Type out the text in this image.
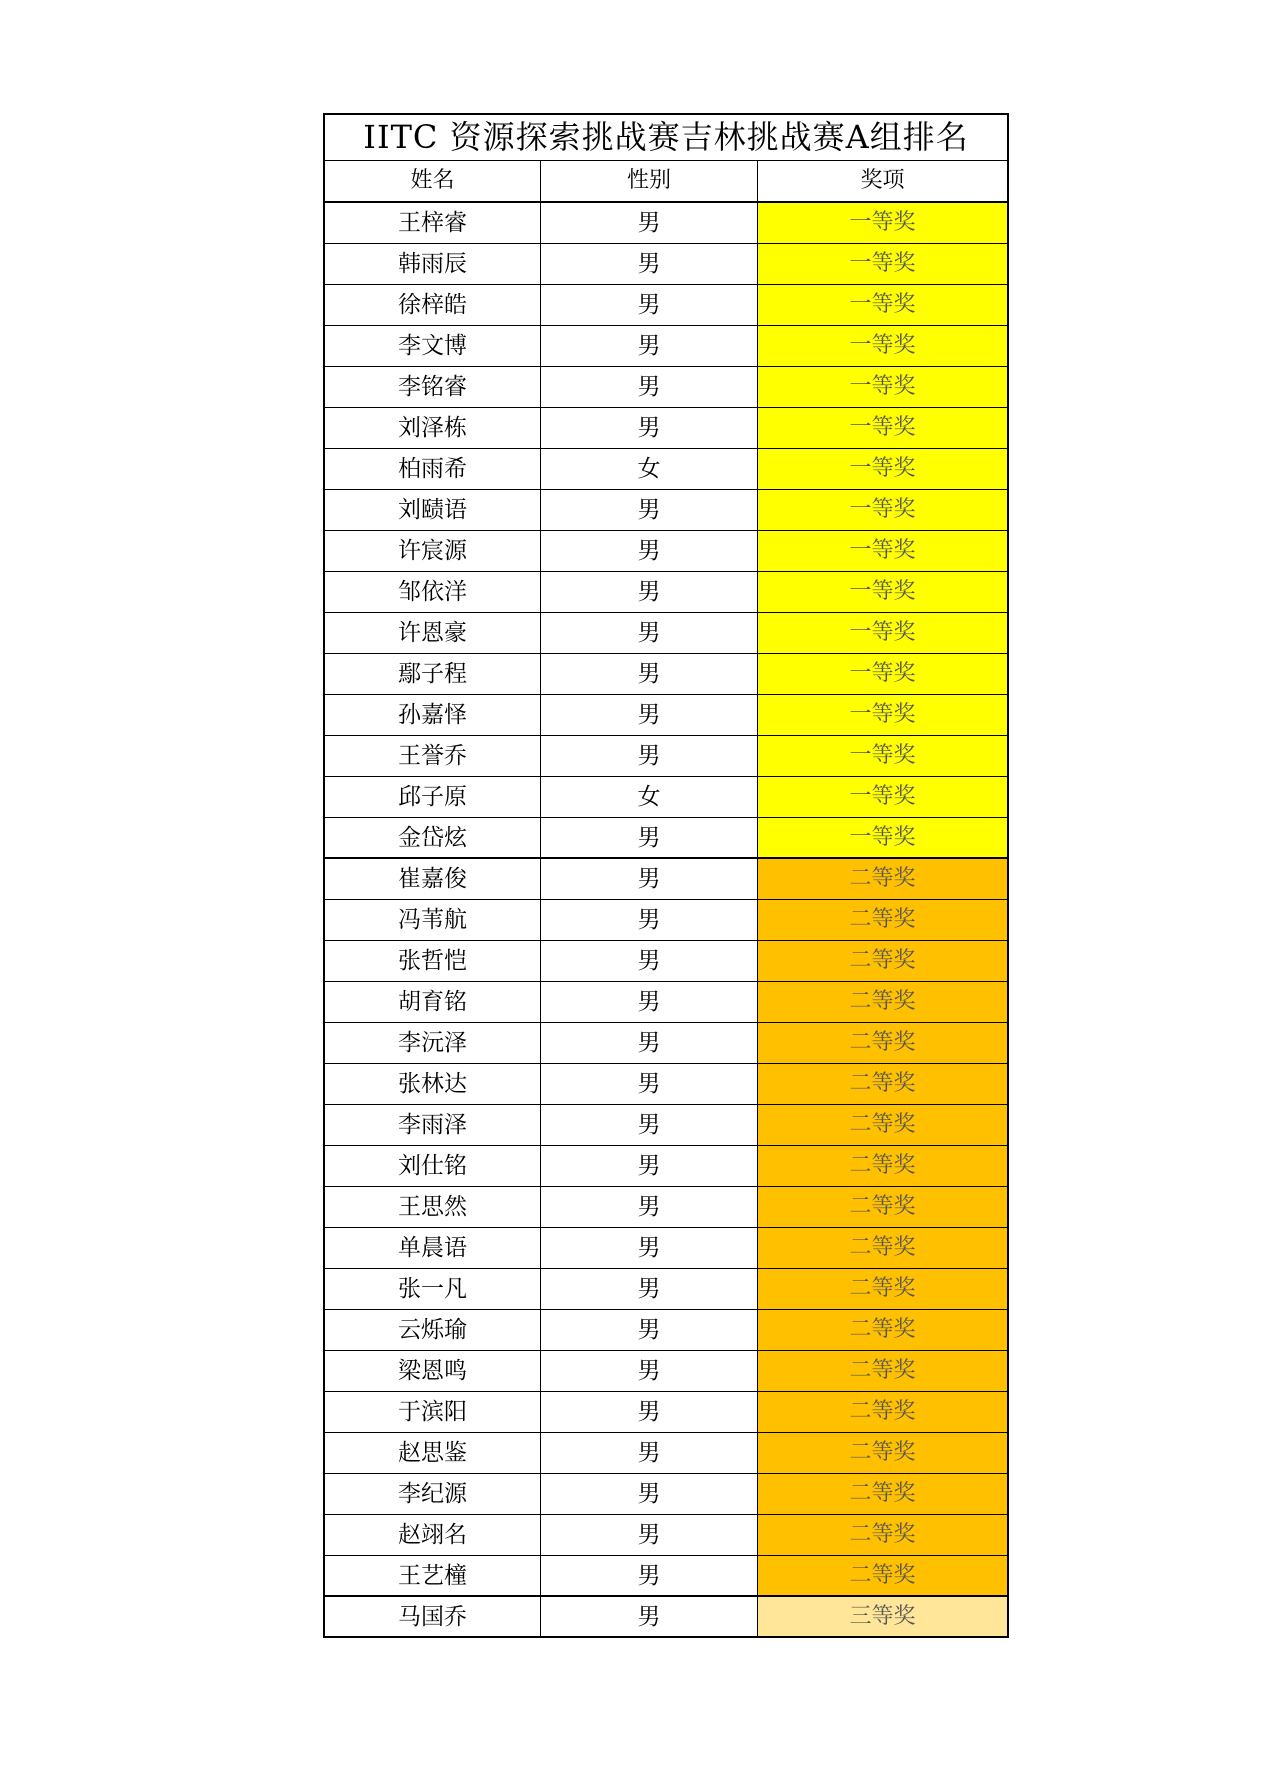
IITC 资源探索挑战赛吉林挑战赛A组排名
姓名	性别	奖项
王梓睿	男	一等奖
韩雨辰	男	一等奖
徐梓皓	男	一等奖
李文博	男	一等奖
李铭睿	男	一等奖
刘泽栋	男	一等奖
柏雨希	女	一等奖
刘赜语	男	一等奖
许宸源	男	一等奖
邹依洋	男	一等奖
许恩豪	男	一等奖
鄢子程	男	一等奖
孙嘉怿	男	一等奖
王誉乔	男	一等奖
邱子原	女	一等奖
金岱炫	男	一等奖
崔嘉俊	男	二等奖
冯苇航	男	二等奖
张哲恺	男	二等奖
胡育铭	男	二等奖
李沅泽	男	二等奖
张林达	男	二等奖
李雨泽	男	二等奖
刘仕铭	男	二等奖
王思然	男	二等奖
单晨语	男	二等奖
张一凡	男	二等奖
云烁瑜	男	二等奖
梁恩鸣	男	二等奖
于滨阳	男	二等奖
赵思鉴	男	二等奖
李纪源	男	二等奖
赵翊名	男	二等奖
王艺橦	男	二等奖
马国乔	男	三等奖
